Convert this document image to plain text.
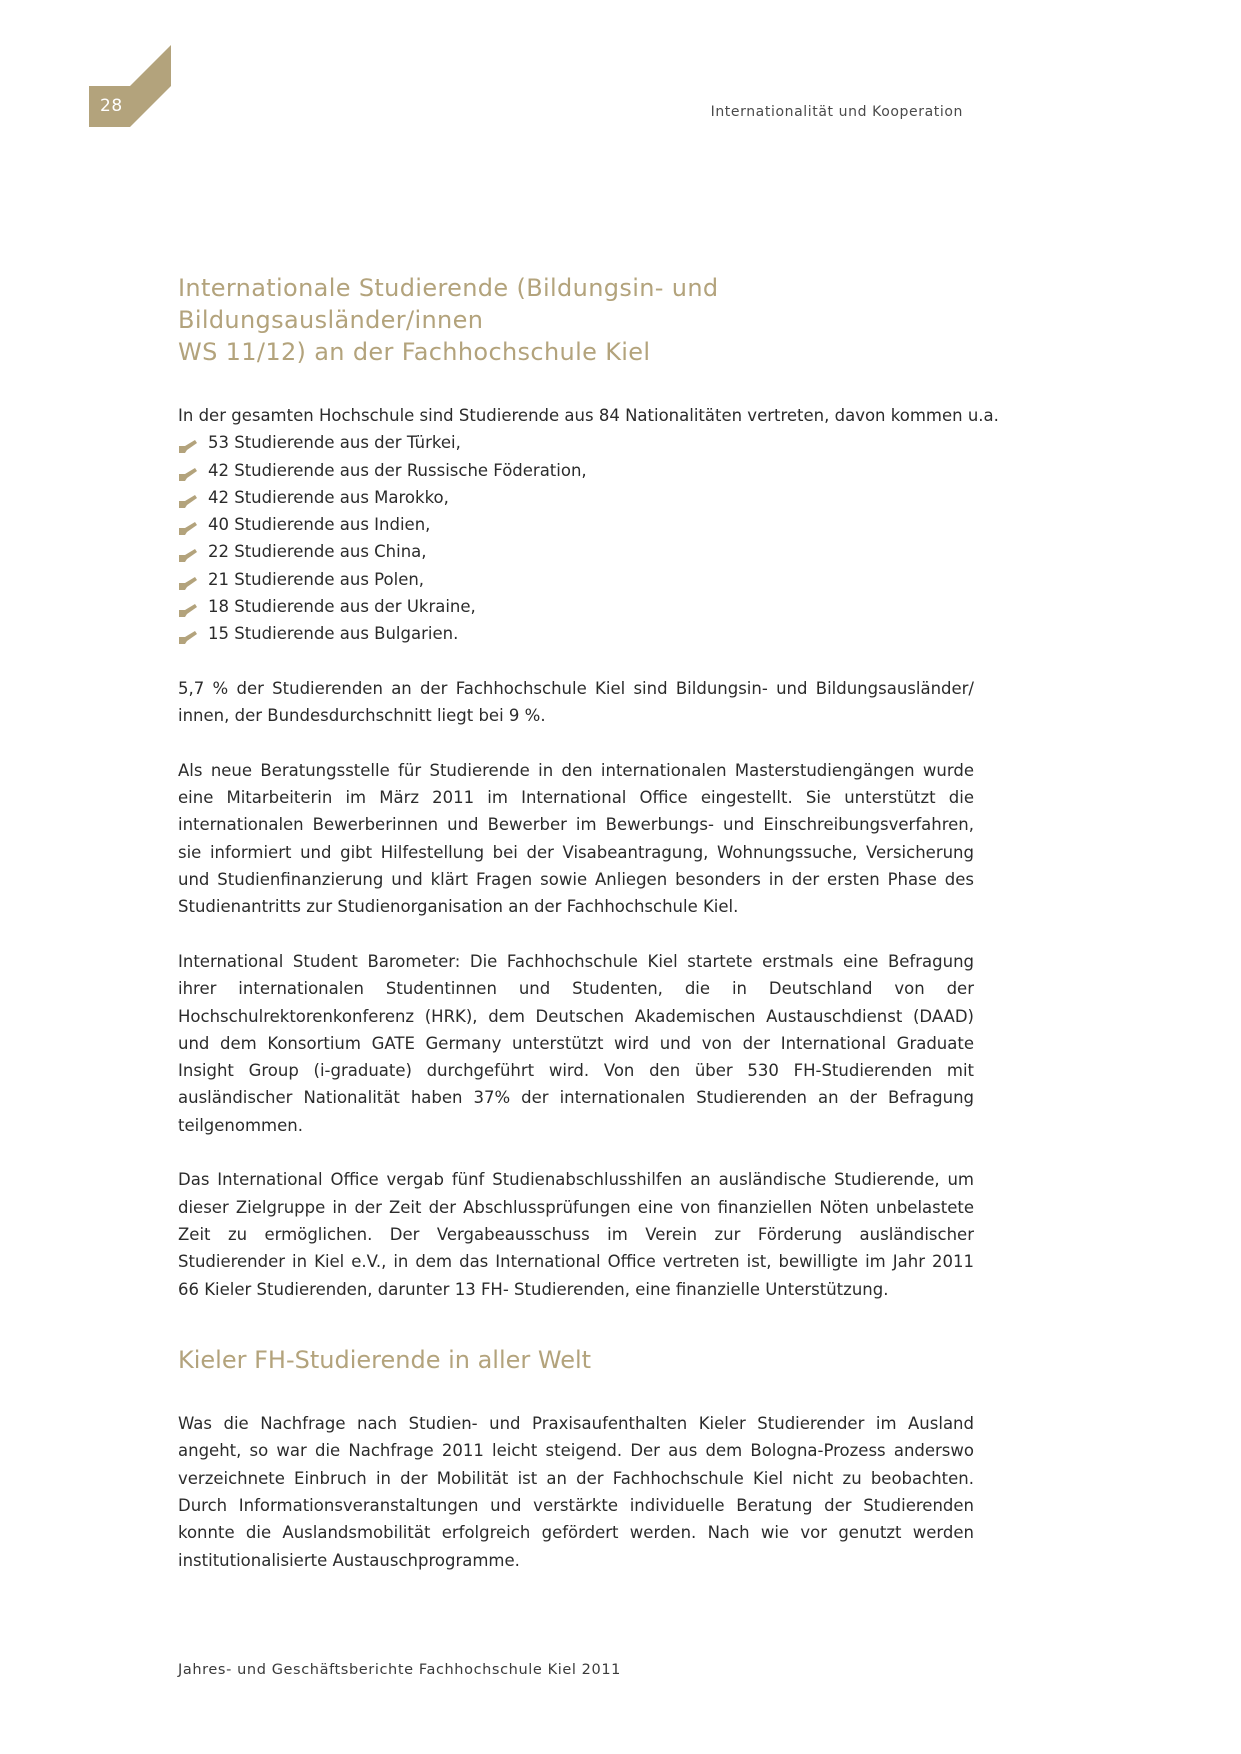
28	Internationalität und Kooperation
Internationale Studierende (Bildungsin- und Bildungsausländer/innen
WS 11/12) an der Fachhochschule Kiel

In der gesamten Hochschule sind Studierende aus 84 Nationalitäten vertreten, davon kommen u.a.

53 Studierende aus der Türkei,
42 Studierende aus der Russische Föderation,
42 Studierende aus Marokko,
40 Studierende aus Indien,
22 Studierende aus China,
21 Studierende aus Polen,
18 Studierende aus der Ukraine,
15 Studierende aus Bulgarien.

5,7 % der Studierenden an der Fachhochschule Kiel sind Bildungsin- und Bildungsausländer/​innen, der Bundesdurchschnitt liegt bei 9 %.

Als neue Beratungsstelle für Studierende in den internationalen Masterstudiengängen wurde eine Mitarbeiterin im März 2011 im International Office eingestellt. Sie unterstützt die internationalen Bewerberinnen und Bewerber im Bewerbungs- und Einschreibungsverfahren, sie informiert und gibt Hilfestellung bei der Visabeantragung, Wohnungssuche, Versicherung und Studienfinanzierung und klärt Fragen sowie Anliegen besonders in der ersten Phase des Studienantritts zur Studienorganisation an der Fachhochschule Kiel.

International Student Barometer: Die Fachhochschule Kiel startete erstmals eine Befragung ihrer internationalen Studentinnen und Studenten, die in Deutschland von der Hochschulrektorenkonferenz (HRK), dem Deutschen Akademischen Austauschdienst (DAAD) und dem Konsortium GATE Germany unterstützt wird und von der International Graduate Insight Group (i-graduate) durchgeführt wird. Von den über 530 FH-Studierenden mit ausländischer Nationalität haben 37% der internationalen Studierenden an der Befragung teilgenommen.

Das International Office vergab fünf Studienabschlusshilfen an ausländische Studierende, um dieser Zielgruppe in der Zeit der Abschlussprüfungen eine von finanziellen Nöten unbelastete Zeit zu ermöglichen. Der Vergabeausschuss im Verein zur Förderung ausländischer Studierender in Kiel e.V., in dem das International Office vertreten ist, bewilligte im Jahr 2011 66 Kieler Studierenden, darunter 13 FH- Studierenden, eine finanzielle Unterstützung.

Kieler FH-Studierende in aller Welt

Was die Nachfrage nach Studien- und Praxisaufenthalten Kieler Studierender im Ausland angeht, so war die Nachfrage 2011 leicht steigend. Der aus dem Bologna-Prozess anderswo verzeichnete Einbruch in der Mobilität ist an der Fachhochschule Kiel nicht zu beobachten. Durch Informationsveranstaltungen und verstärkte individuelle Beratung der Studierenden konnte die Auslandsmobilität erfolgreich gefördert werden. Nach wie vor genutzt werden institutionalisierte Austauschprogramme.

Jahres- und Geschäftsberichte Fachhochschule Kiel 2011
